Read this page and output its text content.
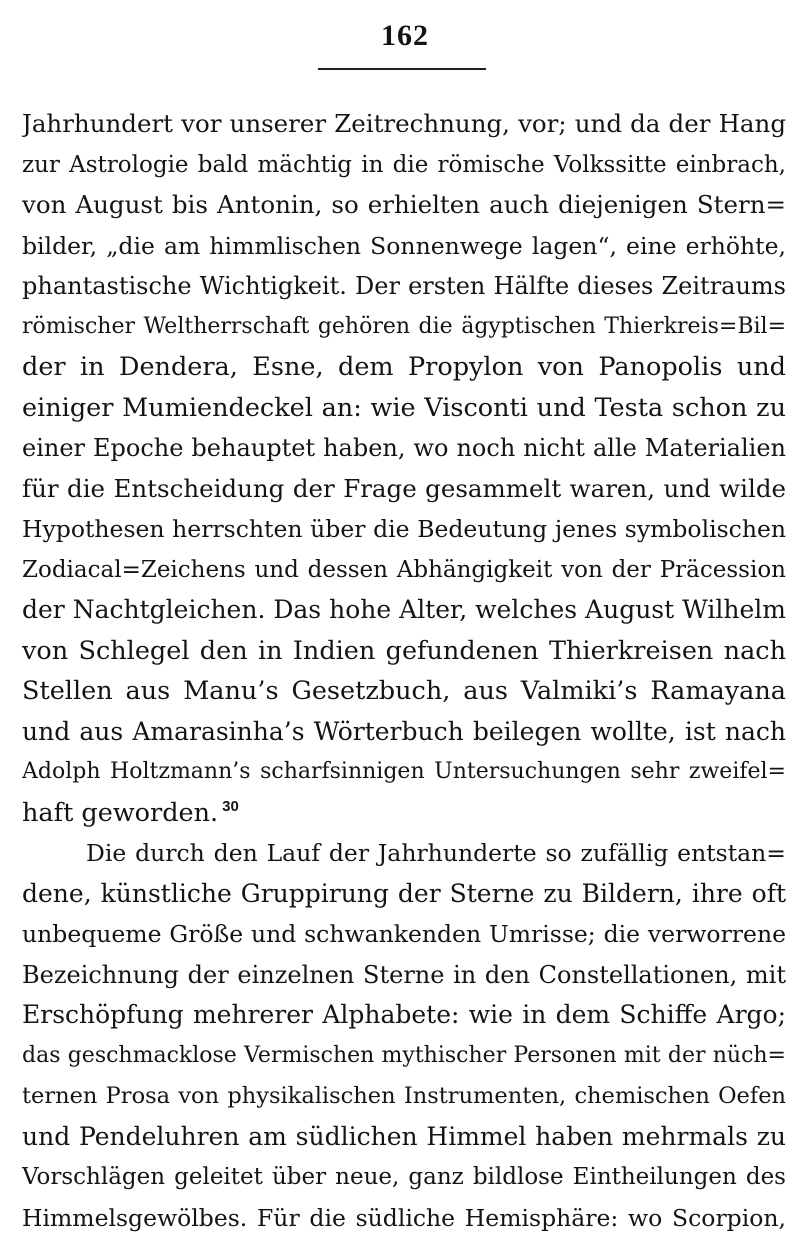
162
Jahrhundert vor unserer Zeitrechnung, vor; und da der Hang
zur Astrologie bald mächtig in die römische Volkssitte einbrach,
von August bis Antonin, so erhielten auch diejenigen Stern=
bilder, „die am himmlischen Sonnenwege lagen“, eine erhöhte,
phantastische Wichtigkeit. Der ersten Hälfte dieses Zeitraums
römischer Weltherrschaft gehören die ägyptischen Thierkreis=Bil=
der in Dendera, Esne, dem Propylon von Panopolis und
einiger Mumiendeckel an: wie Visconti und Testa schon zu
einer Epoche behauptet haben, wo noch nicht alle Materialien
für die Entscheidung der Frage gesammelt waren, und wilde
Hypothesen herrschten über die Bedeutung jenes symbolischen
Zodiacal=Zeichens und dessen Abhängigkeit von der Präcession
der Nachtgleichen. Das hohe Alter, welches August Wilhelm
von Schlegel den in Indien gefundenen Thierkreisen nach
Stellen aus Manu’s Gesetzbuch, aus Valmiki’s Ramayana
und aus Amarasinha’s Wörterbuch beilegen wollte, ist nach
Adolph Holtzmann’s scharfsinnigen Untersuchungen sehr zweifel=
haft geworden. $^{30}$
Die durch den Lauf der Jahrhunderte so zufällig entstan=
dene, künstliche Gruppirung der Sterne zu Bildern, ihre oft
unbequeme Größe und schwankenden Umrisse; die verworrene
Bezeichnung der einzelnen Sterne in den Constellationen, mit
Erschöpfung mehrerer Alphabete: wie in dem Schiffe Argo;
das geschmacklose Vermischen mythischer Personen mit der nüch=
ternen Prosa von physikalischen Instrumenten, chemischen Oefen
und Pendeluhren am südlichen Himmel haben mehrmals zu
Vorschlägen geleitet über neue, ganz bildlose Eintheilungen des
Himmelsgewölbes. Für die südliche Hemisphäre: wo Scorpion,
